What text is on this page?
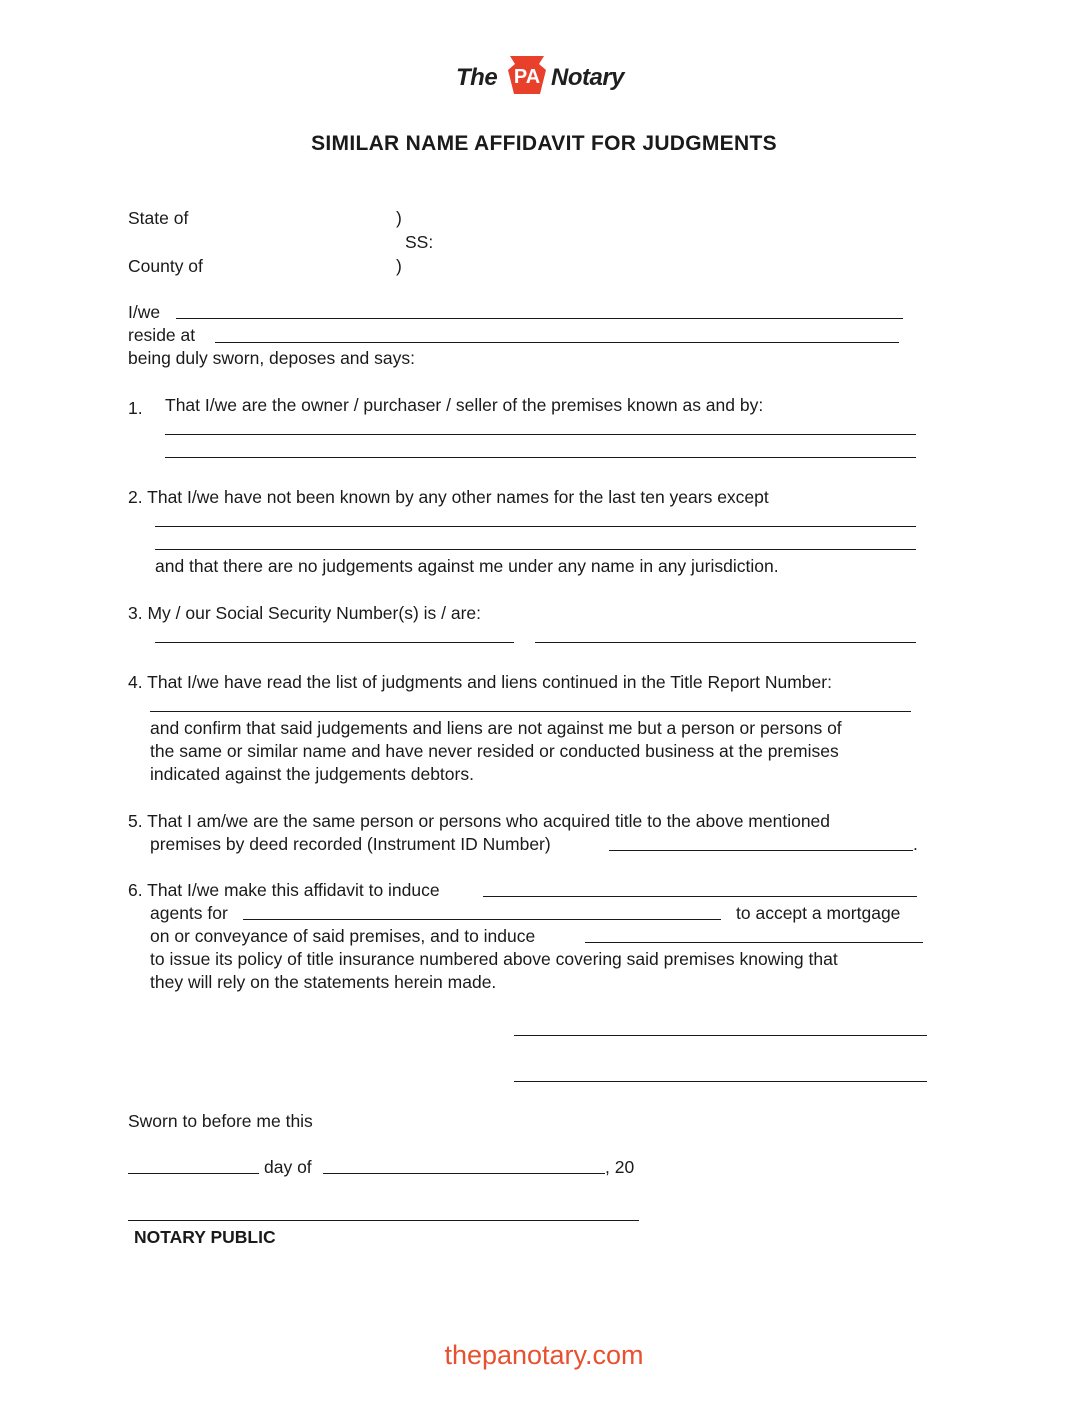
The PA Notary
SIMILAR NAME AFFIDAVIT FOR JUDGMENTS
State of	)
SS:
County of	)
I/we
reside at
being duly sworn, deposes and says:
1. That I/we are the owner / purchaser / seller of the premises known as and by:
2. That I/we have not been known by any other names for the last ten years except
and that there are no judgements against me under any name in any jurisdiction.
3. My / our Social Security Number(s) is / are:
4. That I/we have read the list of judgments and liens continued in the Title Report Number:
and confirm that said judgements and liens are not against me but a person or persons of
the same or similar name and have never resided or conducted business at the premises
indicated against the judgements debtors.
5. That I am/we are the same person or persons who acquired title to the above mentioned
premises by deed recorded (Instrument ID Number)	.
6. That I/we make this affidavit to induce
agents for	to accept a mortgage
on or conveyance of said premises, and to induce
to issue its policy of title insurance numbered above covering said premises knowing that
they will rely on the statements herein made.
Sworn to before me this
day of	, 20
NOTARY PUBLIC
thepanotary.com
